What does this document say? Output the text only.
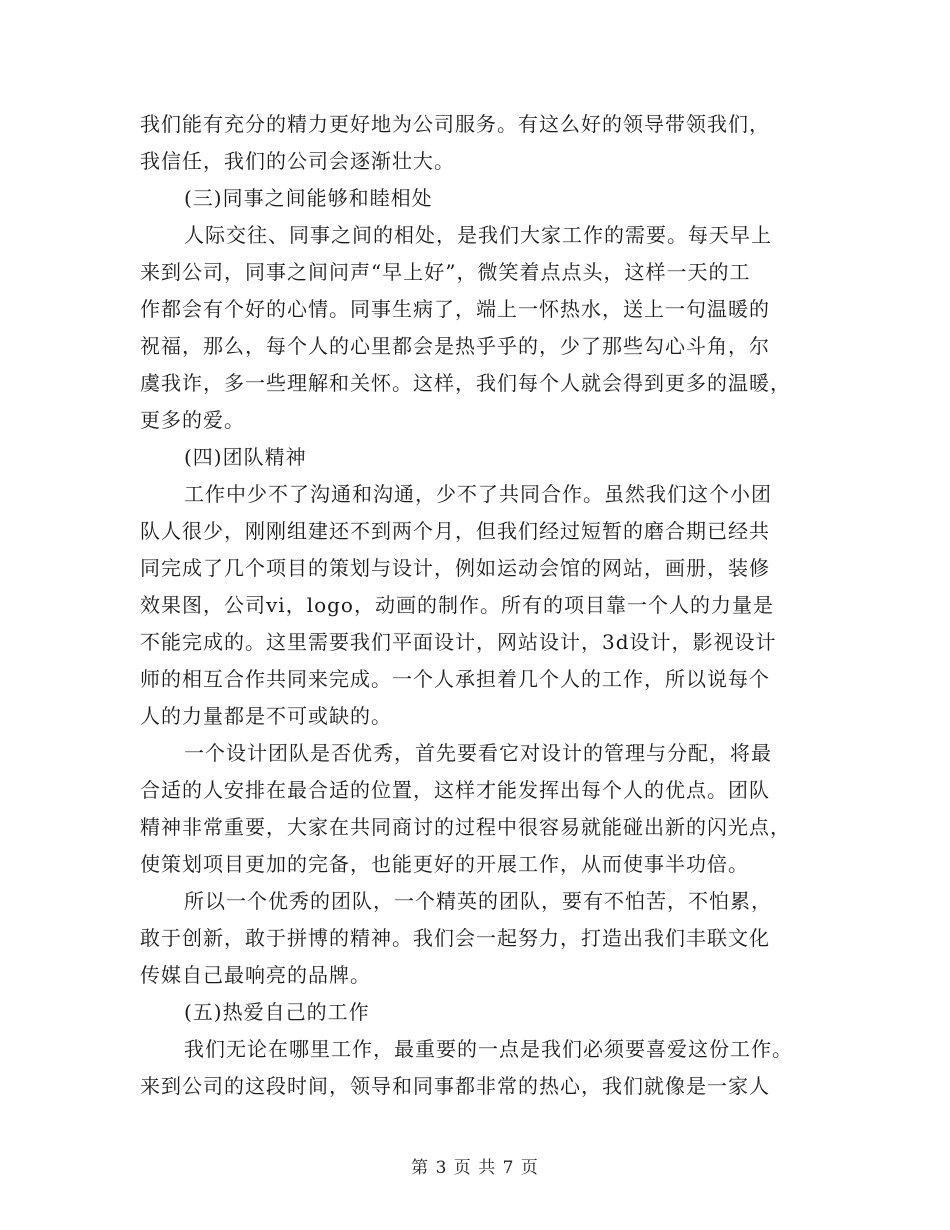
我们能有充分的精力更好地为公司服务。有这么好的领导带领我们，
我信任，我们的公司会逐渐壮大。

(三)同事之间能够和睦相处

人际交往、同事之间的相处，是我们大家工作的需要。每天早上
来到公司，同事之间问声“早上好”，微笑着点点头，这样一天的工
作都会有个好的心情。同事生病了，端上一怀热水，送上一句温暖的
祝福，那么，每个人的心里都会是热乎乎的，少了那些勾心斗角，尔
虞我诈，多一些理解和关怀。这样，我们每个人就会得到更多的温暖，
更多的爱。

(四)团队精神

工作中少不了沟通和沟通，少不了共同合作。虽然我们这个小团
队人很少，刚刚组建还不到两个月，但我们经过短暂的磨合期已经共
同完成了几个项目的策划与设计，例如运动会馆的网站，画册，装修
效果图，公司vi，logo，动画的制作。所有的项目靠一个人的力量是
不能完成的。这里需要我们平面设计，网站设计，3d设计，影视设计
师的相互合作共同来完成。一个人承担着几个人的工作，所以说每个
人的力量都是不可或缺的。

一个设计团队是否优秀，首先要看它对设计的管理与分配，将最
合适的人安排在最合适的位置，这样才能发挥出每个人的优点。团队
精神非常重要，大家在共同商讨的过程中很容易就能碰出新的闪光点，
使策划项目更加的完备，也能更好的开展工作，从而使事半功倍。

所以一个优秀的团队，一个精英的团队，要有不怕苦，不怕累，
敢于创新，敢于拼博的精神。我们会一起努力，打造出我们丰联文化
传媒自己最响亮的品牌。

(五)热爱自己的工作

我们无论在哪里工作，最重要的一点是我们必须要喜爱这份工作。
来到公司的这段时间，领导和同事都非常的热心，我们就像是一家人

第 3 页 共 7 页
